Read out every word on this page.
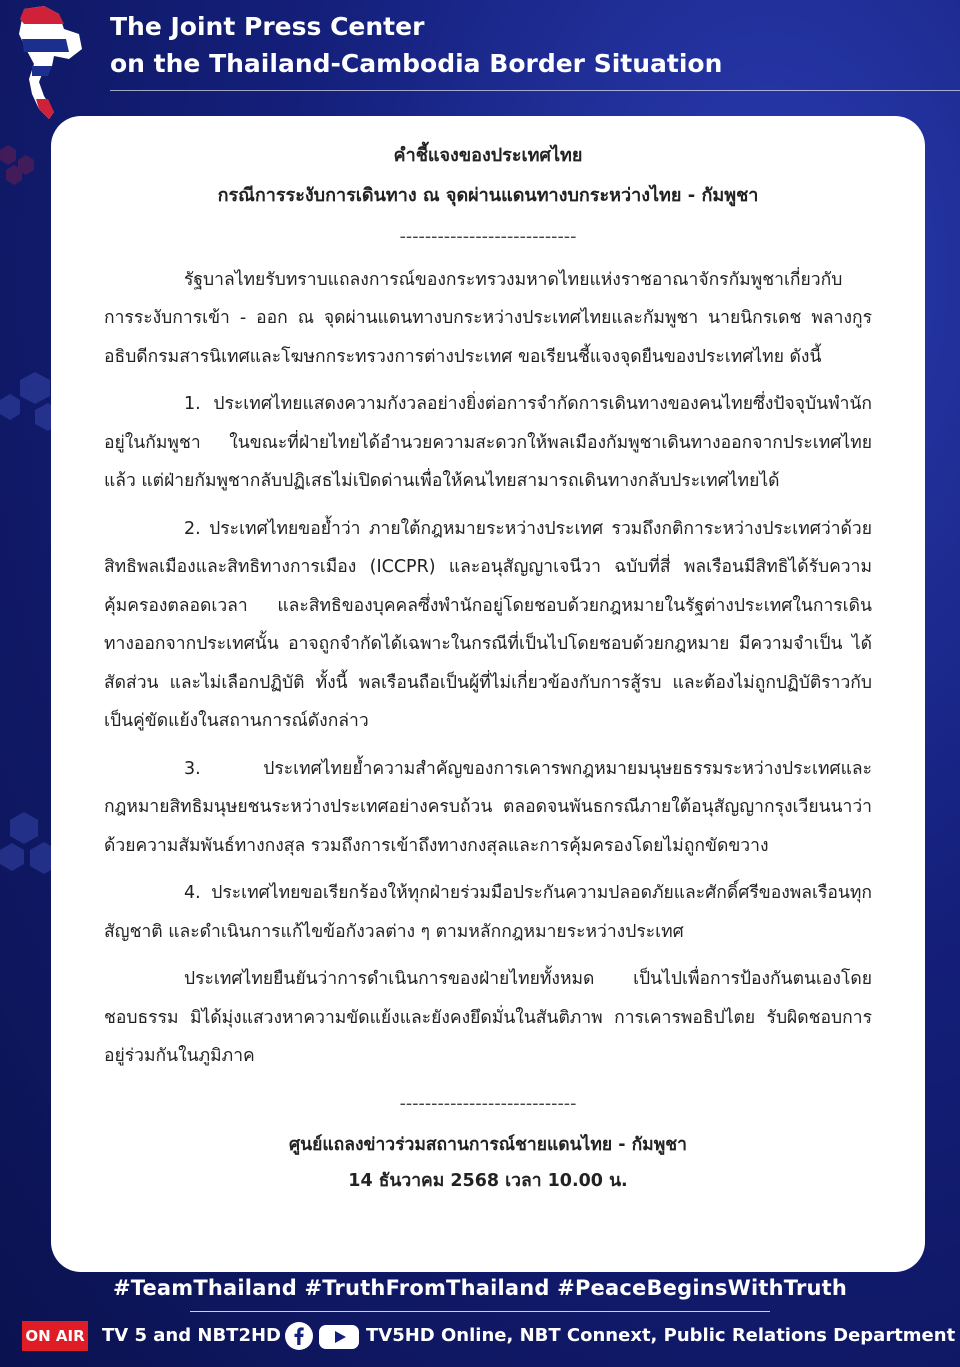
The Joint Press Center
on the Thailand-Cambodia Border Situation
คำชี้แจงของประเทศไทย
กรณีการระงับการเดินทาง ณ จุดผ่านแดนทางบกระหว่างไทย - กัมพูชา
----------------------------

รัฐบาลไทยรับทราบแถลงการณ์ของกระทรวงมหาดไทยแห่งราชอาณาจักรกัมพูชาเกี่ยวกับการระงับการเข้า - ออก ณ จุดผ่านแดนทางบกระหว่างประเทศไทยและกัมพูชา นายนิกรเดช พลางกูร อธิบดีกรมสารนิเทศและโฆษกกระทรวงการต่างประเทศ ขอเรียนชี้แจงจุดยืนของประเทศไทย ดังนี้

1. ประเทศไทยแสดงความกังวลอย่างยิ่งต่อการจำกัดการเดินทางของคนไทยซึ่งปัจจุบันพำนักอยู่ในกัมพูชา ในขณะที่ฝ่ายไทยได้อำนวยความสะดวกให้พลเมืองกัมพูชาเดินทางออกจากประเทศไทยแล้ว แต่ฝ่ายกัมพูชากลับปฏิเสธไม่เปิดด่านเพื่อให้คนไทยสามารถเดินทางกลับประเทศไทยได้

2. ประเทศไทยขอย้ำว่า ภายใต้กฎหมายระหว่างประเทศ รวมถึงกติการะหว่างประเทศว่าด้วยสิทธิพลเมืองและสิทธิทางการเมือง (ICCPR) และอนุสัญญาเจนีวา ฉบับที่สี่ พลเรือนมีสิทธิได้รับความคุ้มครองตลอดเวลา และสิทธิของบุคคลซึ่งพำนักอยู่โดยชอบด้วยกฎหมายในรัฐต่างประเทศในการเดินทางออกจากประเทศนั้น อาจถูกจำกัดได้เฉพาะในกรณีที่เป็นไปโดยชอบด้วยกฎหมาย มีความจำเป็น ได้สัดส่วน และไม่เลือกปฏิบัติ ทั้งนี้ พลเรือนถือเป็นผู้ที่ไม่เกี่ยวข้องกับการสู้รบ และต้องไม่ถูกปฏิบัติราวกับเป็นคู่ขัดแย้งในสถานการณ์ดังกล่าว

3. ประเทศไทยย้ำความสำคัญของการเคารพกฎหมายมนุษยธรรมระหว่างประเทศและกฎหมายสิทธิมนุษยชนระหว่างประเทศอย่างครบถ้วน ตลอดจนพันธกรณีภายใต้อนุสัญญากรุงเวียนนาว่าด้วยความสัมพันธ์ทางกงสุล รวมถึงการเข้าถึงทางกงสุลและการคุ้มครองโดยไม่ถูกขัดขวาง

4. ประเทศไทยขอเรียกร้องให้ทุกฝ่ายร่วมมือประกันความปลอดภัยและศักดิ์ศรีของพลเรือนทุกสัญชาติ และดำเนินการแก้ไขข้อกังวลต่าง ๆ ตามหลักกฎหมายระหว่างประเทศ

ประเทศไทยยืนยันว่าการดำเนินการของฝ่ายไทยทั้งหมด เป็นไปเพื่อการป้องกันตนเองโดยชอบธรรม มิได้มุ่งแสวงหาความขัดแย้งและยังคงยึดมั่นในสันติภาพ การเคารพอธิปไตย รับผิดชอบการอยู่ร่วมกันในภูมิภาค

----------------------------
ศูนย์แถลงข่าวร่วมสถานการณ์ชายแดนไทย - กัมพูชา
14 ธันวาคม 2568 เวลา 10.00 น.
#TeamThailand #TruthFromThailand #PeaceBeginsWithTruth
ON AIR TV 5 and NBT2HD	TV5HD Online, NBT Connext, Public Relations Department
